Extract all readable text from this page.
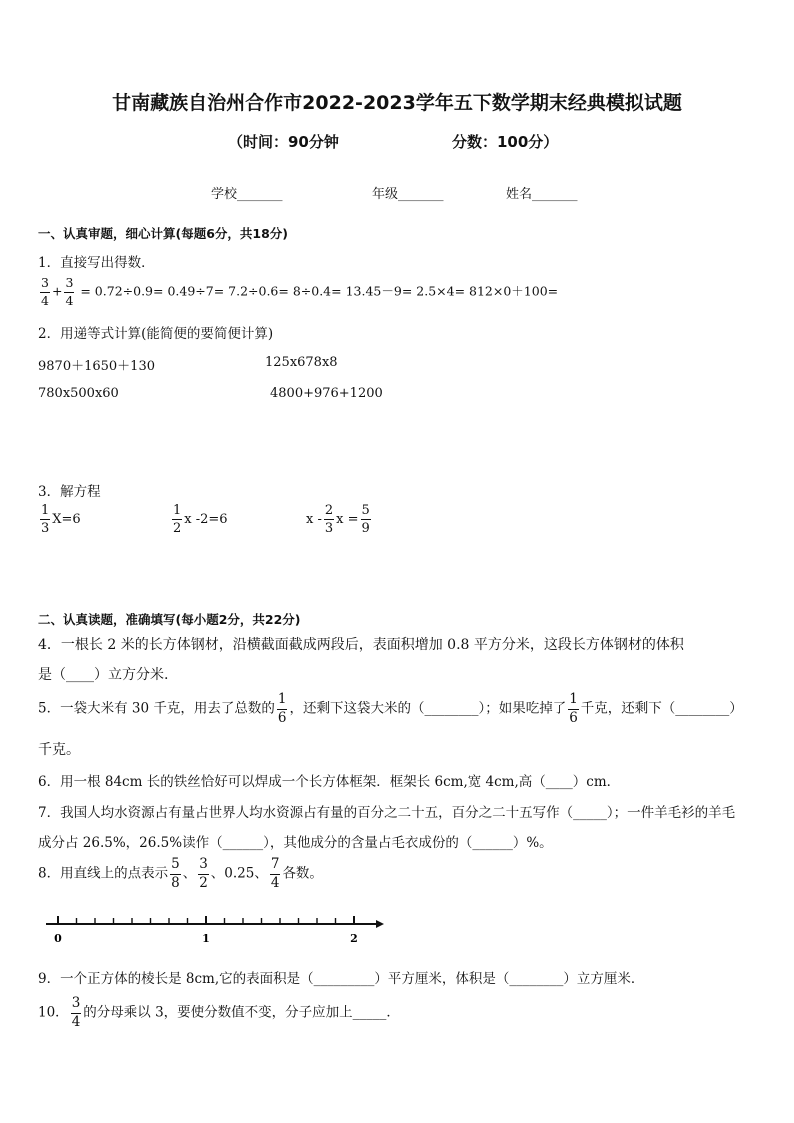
甘南藏族自治州合作市2022-2023学年五下数学期末经典模拟试题
（时间：90分钟	分数：100分）
学校_______	年级_______	姓名_______
一、认真审题，细心计算(每题6分，共18分)
1．直接写出得数．
$\frac{3}{4} + \frac{3}{4} = 0.72\div 0.9= 0.49\div 7= 7.2\div 0.6= 8\div 0.4= 13.45-9= 2.5\times 4= 812\times 0+100=$
2．用递等式计算(能简便的要简便计算)
9870＋1650＋130	125x678x8
780x500x60	4800+976+1200
3．解方程
$\frac{1}{3} X=6$	$\frac{1}{2}$ x -2=6	x - $\frac{2}{3}$ $x = \frac{5}{9}$
二、认真读题，准确填写(每小题2分，共22分)
4．一根长 2 米的长方体钢材，沿横截面截成两段后，表面积增加 0.8 平方分米，这段长方体钢材的体积
是（____）立方分米.
5．一袋大米有 30 千克，用去了总数的 $\frac{1}{6}$ ，还剩下这袋大米的（________）；如果吃掉了 $\frac{1}{6}$ 千克，还剩下（________）
千克。
6．用一根 84cm 长的铁丝恰好可以焊成一个长方体框架．框架长 6cm,宽 4cm,高（____）cm．
7．我国人均水资源占有量占世界人均水资源占有量的百分之二十五，百分之二十五写作（_____）；一件羊毛衫的羊毛
成分占 26.5%，26.5%读作（______），其他成分的含量占毛衣成份的（______）%。
8．用直线上的点表示 $\frac{5}{8}$ 、 $\frac{3}{2}$ 、0.25、 $\frac{7}{4}$ 各数。
0	1	2
9．一个正方体的棱长是 8cm,它的表面积是（_________）平方厘米，体积是（________）立方厘米．
10． $\frac{3}{4}$ 的分母乘以 3，要使分数值不变，分子应加上_____．
